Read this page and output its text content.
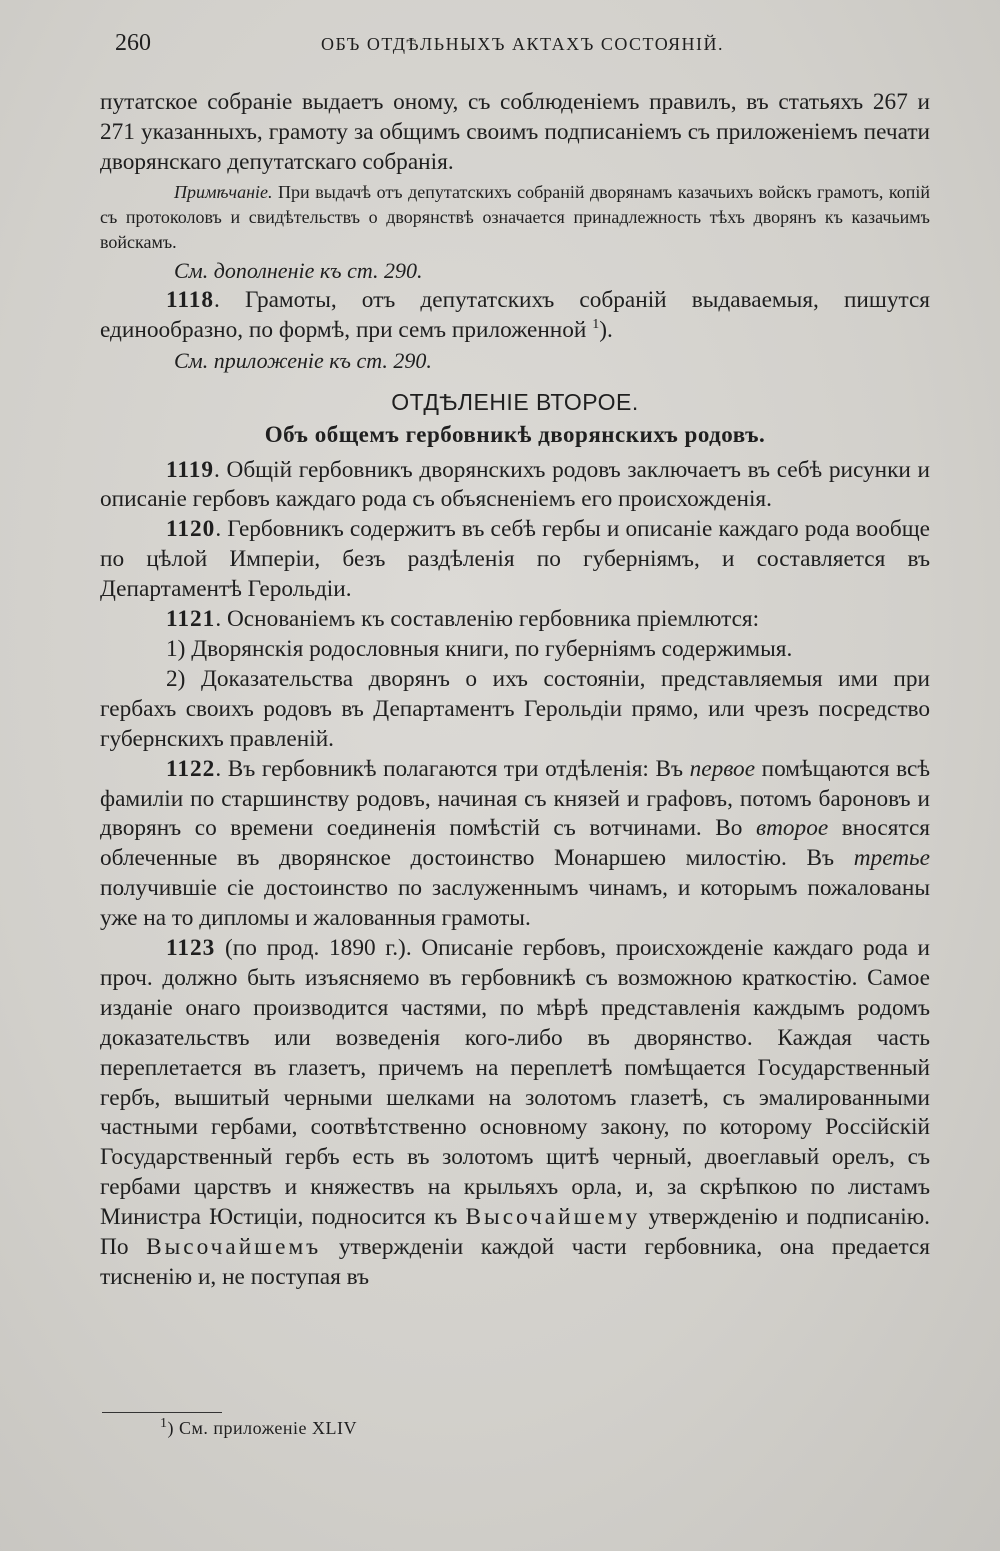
260	ОБЪ ОТДѢЛЬНЫХЪ АКТАХЪ СОСТОЯНІЙ.

путатское собраніе выдаетъ оному, съ соблюденіемъ правилъ, въ статьяхъ 267 и 271 указанныхъ, грамоту за общимъ своимъ подписаніемъ съ приложеніемъ печати дворянскаго депутатскаго собранія.

Примѣчаніе. При выдачѣ отъ депутатскихъ собраній дворянамъ казачьихъ войскъ грамотъ, копій съ протоколовъ и свидѣтельствъ о дворянствѣ означается принадлежность тѣхъ дворянъ къ казачьимъ войскамъ.

См. дополненіе къ ст. 290.

1118. Грамоты, отъ депутатскихъ собраній выдаваемыя, пишутся единообразно, по формѣ, при семъ приложенной $^1$).

См. приложеніе къ ст. 290.
ОТДѢЛЕНІЕ ВТОРОЕ.
Объ общемъ гербовникѣ дворянскихъ родовъ.

1119. Общій гербовникъ дворянскихъ родовъ заключаетъ въ себѣ рисунки и описаніе гербовъ каждаго рода съ объясненіемъ его происхожденія.

1120. Гербовникъ содержитъ въ себѣ гербы и описаніе каждаго рода вообще по цѣлой Имперіи, безъ раздѣленія по губерніямъ, и составляется въ Департаментѣ Герольдіи.

1121. Основаніемъ къ составленію гербовника пріемлются:

1) Дворянскія родословныя книги, по губерніямъ содержимыя.

2) Доказательства дворянъ о ихъ состояніи, представляемыя ими при гербахъ своихъ родовъ въ Департаментъ Герольдіи прямо, или чрезъ посредство губернскихъ правленій.

1122. Въ гербовникѣ полагаются три отдѣленія: Въ первое помѣщаются всѣ фамиліи по старшинству родовъ, начиная съ князей и графовъ, потомъ бароновъ и дворянъ со времени соединенія помѣстій съ вотчинами. Во второе вносятся облеченные въ дворянское достоинство Монаршею милостію. Въ третье получившіе сіе достоинство по заслуженнымъ чинамъ, и которымъ пожалованы уже на то дипломы и жалованныя грамоты.

1123 (по прод. 1890 г.). Описаніе гербовъ, происхожденіе каждаго рода и проч. должно быть изъясняемо въ гербовникѣ съ возможною краткостію. Самое изданіе онаго производится частями, по мѣрѣ представленія каждымъ родомъ доказательствъ или возведенія кого-либо въ дворянство. Каждая часть переплетается въ глазетъ, причемъ на переплетѣ помѣщается Государственный гербъ, вышитый черными шелками на золотомъ глазетѣ, съ эмалированными частными гербами, соотвѣтственно основному закону, по которому Россійскій Государственный гербъ есть въ золотомъ щитѣ черный, двоеглавый орелъ, съ гербами царствъ и княжествъ на крыльяхъ орла, и, за скрѣпкою по листамъ Министра Юстиціи, подносится къ Высочайшему утвержденію и подписанію. По Высочайшемъ утвержденіи каждой части гербовника, она предается тисненію и, не поступая въ

$^1$) См. приложеніе XLIV
